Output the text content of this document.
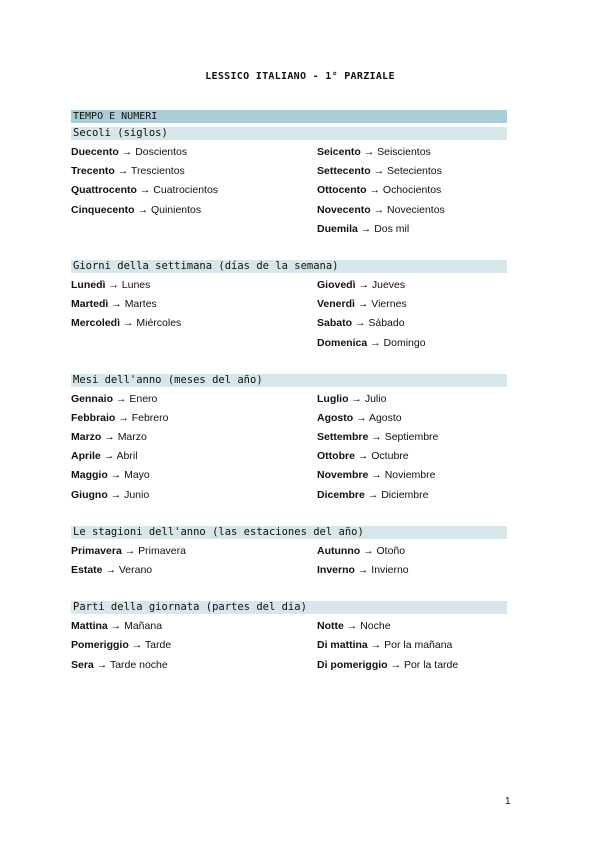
LESSICO ITALIANO - 1° PARZIALE
TEMPO E NUMERI
Secoli (siglos)
Duecento → Doscientos
Trecento → Trescientos
Quattrocento → Cuatrocientos
Cinquecento → Quinientos
Seicento → Seiscientos
Settecento → Setecientos
Ottocento → Ochocientos
Novecento → Novecientos
Duemila → Dos mil
Giorni della settimana (días de la semana)
Lunedì → Lunes
Martedì → Martes
Mercoledì → Miércoles
Giovedì → Jueves
Venerdì → Viernes
Sabato → Sábado
Domenica → Domingo
Mesi dell'anno (meses del año)
Gennaio → Enero
Febbraio → Febrero
Marzo → Marzo
Aprile → Abril
Maggio → Mayo
Giugno → Junio
Luglio → Julio
Agosto → Agosto
Settembre → Septiembre
Ottobre → Octubre
Novembre → Noviembre
Dicembre → Diciembre
Le stagioni dell'anno (las estaciones del año)
Primavera → Primavera
Estate → Verano
Autunno → Otoño
Inverno → Invierno
Parti della giornata (partes del dia)
Mattina → Mañana
Pomeriggio → Tarde
Sera → Tarde noche
Notte → Noche
Di mattina → Por la mañana
Di pomeriggio → Por la tarde
1
